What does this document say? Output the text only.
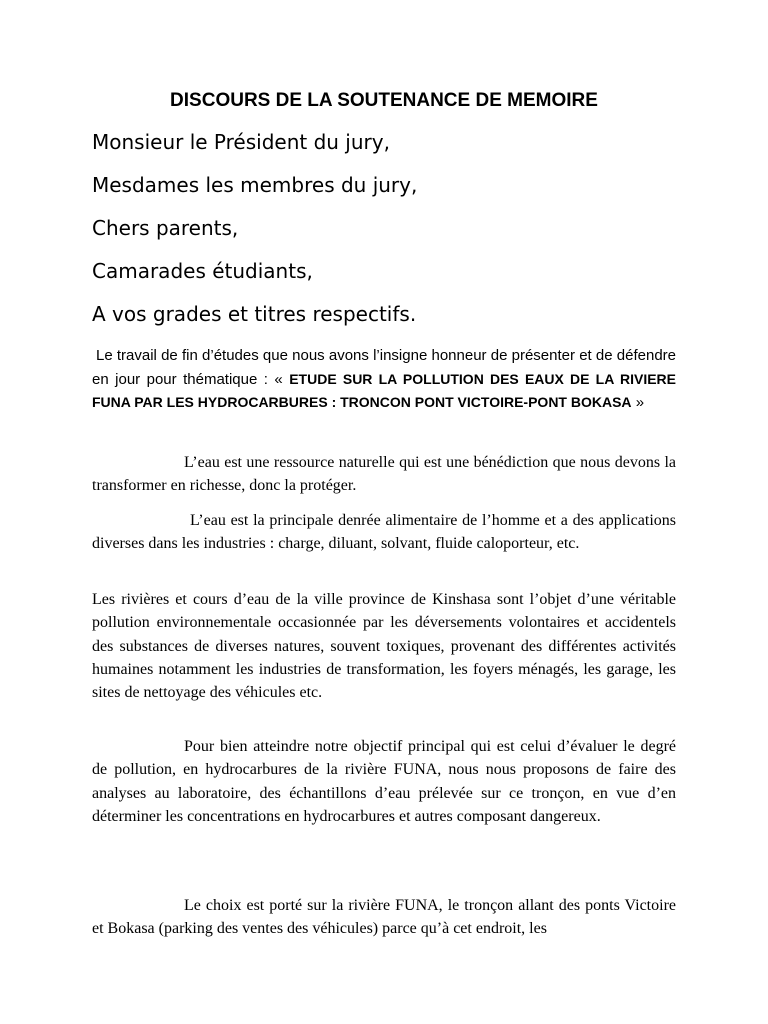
DISCOURS DE LA SOUTENANCE DE MEMOIRE
Monsieur le Président du jury,
Mesdames les membres du jury,
Chers parents,
Camarades étudiants,
A vos grades et titres respectifs.

Le travail de fin d’études que nous avons l’insigne honneur de présenter et de défendre en jour pour thématique : « ETUDE SUR LA POLLUTION DES EAUX DE LA RIVIERE FUNA PAR LES HYDROCARBURES : TRONCON PONT VICTOIRE-PONT BOKASA »

L’eau est une ressource naturelle qui est une bénédiction que nous devons la transformer en richesse, donc la protéger.

L’eau est la principale denrée alimentaire de l’homme et a des applications diverses dans les industries : charge, diluant, solvant, fluide caloporteur, etc.

Les rivières et cours d’eau de la ville province de Kinshasa sont l’objet d’une véritable pollution environnementale occasionnée par les déversements volontaires et accidentels des substances de diverses natures, souvent toxiques, provenant des différentes activités humaines notamment les industries de transformation, les foyers ménagés, les garage, les sites de nettoyage des véhicules etc.

Pour bien atteindre notre objectif principal qui est celui d’évaluer le degré de pollution, en hydrocarbures de la rivière FUNA, nous nous proposons de faire des analyses au laboratoire, des échantillons d’eau prélevée sur ce tronçon, en vue d’en déterminer les concentrations en hydrocarbures et autres composant dangereux.

Le choix est porté sur la rivière FUNA, le tronçon allant des ponts Victoire et Bokasa (parking des ventes des véhicules) parce qu’à cet endroit, les
